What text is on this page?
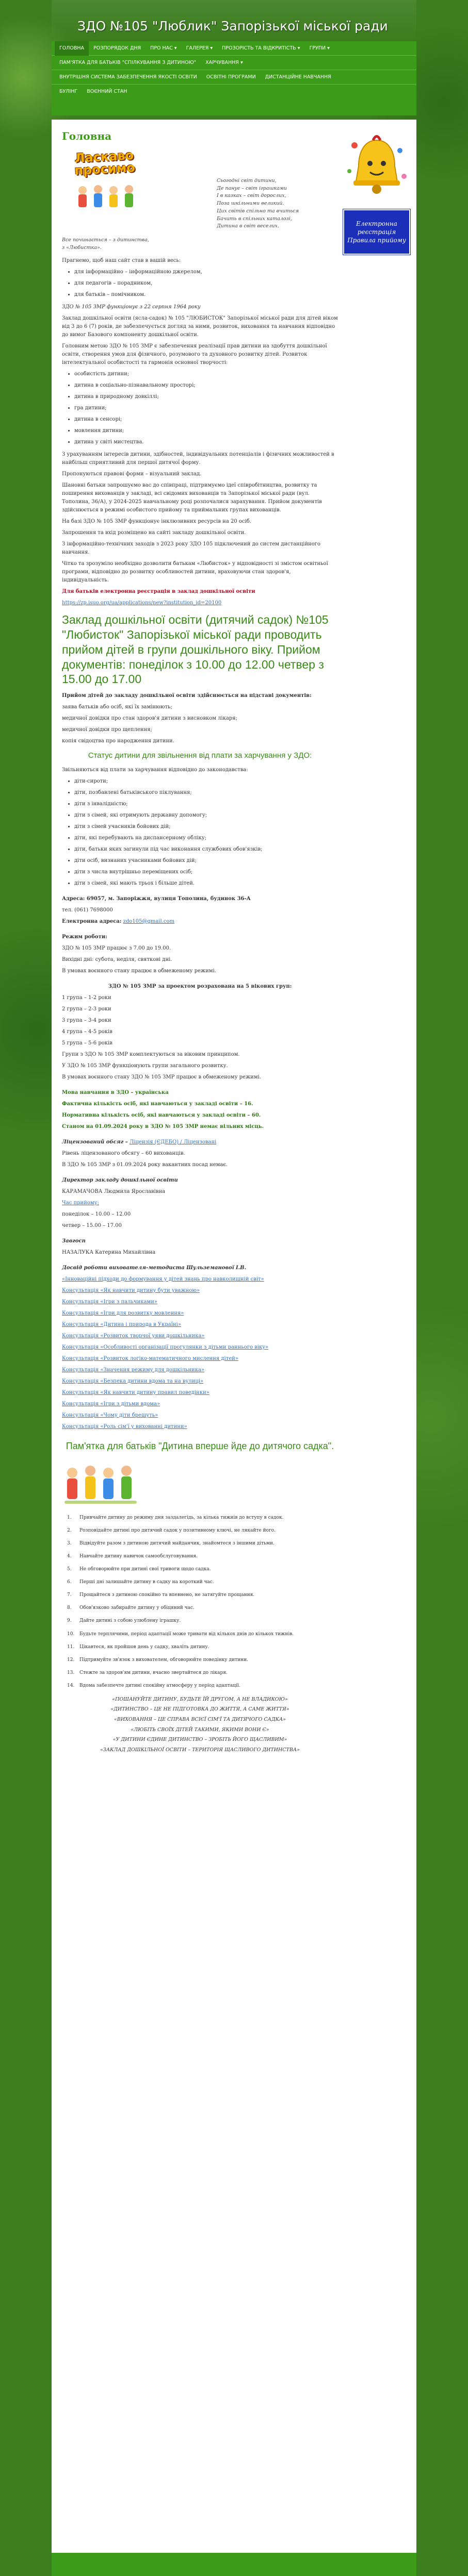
ЗДО №105 "Люблик" Запорізької міської ради
ГОЛОВНА	РОЗПОРЯДОК ДНЯ	ПРО НАС ▾	ГАЛЕРЕЯ ▾	ПРОЗОРІСТЬ ТА ВІДКРИТІСТЬ ▾	ГРУПИ ▾
ПАМ'ЯТКА ДЛЯ БАТЬКІВ "СПІЛКУВАННЯ З ДИТИНОЮ"	ХАРЧУВАННЯ ▾
ВНУТРІШНЯ СИСТЕМА ЗАБЕЗПЕЧЕННЯ ЯКОСТІ ОСВІТИ	ОСВІТНІ ПРОГРАМИ	ДИСТАНЦІЙНЕ НАВЧАННЯ
БУЛІНГ	ВОЄННИЙ СТАН
Головна
Ласкаво
просимо
Сьогодні світ дитини,
Де панує – світ іграшками
І в казках – світ дорослих,
Поза шкільними великий.
Цих світів спільно та вчиться
Бачить в спільних каталозі,
Дитина в світ веселих.
Все починається – з дитинства,
з «Любистка».

Прагнемо, щоб наш сайт став в вашій весь:

• для інформаційно – інформаційною джерелом,
• для педагогів – порадником,
• для батьків – помічником.

ЗДО № 105 ЗМР функціонує з 22 серпня 1964 року

Заклад дошкільної освіти (ясла-садок) № 105 "ЛЮБИСТОК" Запорізької міської ради для дітей віком від 3 до 6 (7) років, де забезпечується догляд за ними, розвиток, виховання та навчання відповідно до вимог Базового компоненту дошкільної освіти.

Головним метою ЗДО № 105 ЗМР є забезпечення реалізації прав дитини на здобуття дошкільної освіти, створення умов для фізичного, розумового та духовного розвитку дітей. Розвиток інтелектуальної особистості та гармонія основної творчості:

• особистість дитини;
• дитина в соціально-пізнавальному просторі;
• дитина в природному довкіллі;
• гра дитини;
• дитина в сенсорі;
• мовлення дитини;
• дитина у світі мистецтва.

З урахуванням інтересів дитини, здібностей, індивідуальних потенціалів і фізичних можливостей в найбільш сприятливий для першої дитячої форму.

Пропонуються правові форми – візуальний заклад.

Шановні батьки запрошуємо вас до співпраці, підтримуємо ідеї співробітництва, розвитку та поширення вихованців у закладі, всі свідомих вихованців та Запорізької міської ради (вул. Тополина, 36/А), у 2024-2025 навчальному році розпочалися зарахування. Прийом документів здійснюється в режимі особистого прийому та приймальних групах вихованців.

На базі ЗДО № 105 ЗМР функціонує інклюзивних ресурсів на 20 осіб.

Запрошення та вхід розміщено на сайті закладу дошкільної освіти.

З інформаційно-технічних заходів з 2023 року ЗДО 105 підключений до систем дистанційного навчання.

Чітко та зрозуміло необхідно дозволити батькам «Любисток» у відповідності зі змістом освітньої програми, відповідно до розвитку особливостей дитини, враховуючи стан здоров'я, індивідуальність.

Для батьків електронна реєстрація в заклад дошкільної освіти

https://zp.isuo.org/ua/applications/new?institution_id=20100

Заклад дошкільної освіти (дитячий садок) №105 "Любисток" Запорізької міської ради проводить прийом дітей в групи дошкільного віку. Прийом документів: понеділок з 10.00 до 12.00 четвер з 15.00 до 17.00

Прийом дітей до закладу дошкільної освіти здійснюється на підставі документів:

заява батьків або осіб, які їх замінюють;

медичної довідки про стан здоров'я дитини з висновком лікаря;

медичної довідки про щеплення;

копія свідоцтва про народження дитини.

Статус дитини для звільнення від плати за харчування у ЗДО:

Звільняються від плати за харчування відповідно до законодавства:

• діти-сироти;
• діти, позбавлені батьківського піклування;
• діти з інвалідністю;
• діти з сімей, які отримують державну допомогу;
• діти з сімей учасників бойових дій;
• діти, які перебувають на диспансерному обліку;
• діти, батьки яких загинули під час виконання службових обов'язків;
• діти осіб, визнаних учасниками бойових дій;
• діти з числа внутрішньо переміщених осіб;
• діти з сімей, які мають трьох і більше дітей.

Адреса: 69057, м. Запоріжжя, вулиця Тополина, будинок 36-А

тел. (061) 7698000

Електронна адреса: zdo105@gmail.com

Режим роботи:

ЗДО № 105 ЗМР працює з 7.00 до 19.00.

Вихідні дні: субота, неділя, святкові дні.

В умовах воєнного стану працює в обмеженому режимі.

ЗДО № 105 ЗМР за проектом розрахована на 5 вікових груп:

1 група – 1-2 роки

2 група – 2-3 роки

3 група – 3-4 роки

4 група – 4-5 років

5 група – 5-6 років

Групи з ЗДО № 105 ЗМР комплектуються за віковим принципом.

У ЗДО № 105 ЗМР функціонують групи загального розвитку.

В умовах воєнного стану ЗДО № 105 ЗМР працює в обмеженому режимі.

Мова навчання в ЗДО – українська

Фактична кількість осіб, які навчаються у закладі освіти – 16.

Нормативна кількість осіб, які навчаються у закладі освіти – 60.

Станом на 01.09.2024 року в ЗДО № 105 ЗМР немає вільних місць.

Ліцензований обсяг – Ліцензія (ЄДЕБО) / Ліцензовані

Рівень ліцензованого обсягу – 60 вихованців.

В ЗДО № 105 ЗМР з 01.09.2024 року вакантних посад немає.

Директор закладу дошкільної освіти

КАРАМАЧОВА Людмила Ярославівна

Час прийому:

понеділок – 10.00 – 12.00

четвер – 15.00 – 17.00

Завгосп

НАЗАЛУКА Катерина Михайлівна

Досвід роботи вихователя-методиста Шульземанової І.В.

«Інноваційні підходи до формування у дітей знань про навколишній світ»

Консультація «Як навчити дитину бути уважною»

Консультація «Ігри з пальчиками»

Консультація «Ігри для розвитку мовлення»

Консультація «Дитина і природа в Україні»

Консультація «Розвиток творчої уяви дошкільника»

Консультація «Особливості організації прогулянки з дітьми раннього віку»

Консультація «Розвиток логіко-математичного мислення дітей»

Консультація «Значення режиму для дошкільника»

Консультація «Безпека дитини вдома та на вулиці»

Консультація «Як навчити дитину правил поведінки»

Консультація «Ігри з дітьми вдома»

Консультація «Чому діти брешуть»

Консультація «Роль сім'ї у вихованні дитини»

Пам'ятка для батьків "Дитина вперше йде до дитячого садка".
1.	Привчайте дитину до режиму дня заздалегідь, за кілька тижнів до вступу в садок.
2.	Розповідайте дитині про дитячий садок у позитивному ключі, не лякайте його.
3.	Відвідуйте разом з дитиною дитячий майданчик, знайомтеся з іншими дітьми.
4.	Навчайте дитину навичок самообслуговування.
5.	Не обговорюйте при дитині свої тривоги щодо садка.
6.	Перші дні залишайте дитину в садку на короткий час.
7.	Прощайтеся з дитиною спокійно та впевнено, не затягуйте прощання.
8.	Обов'язково забирайте дитину у обіцяний час.
9.	Дайте дитині з собою улюблену іграшку.
10.	Будьте терплячими, період адаптації може тривати від кількох днів до кількох тижнів.
11.	Цікавтеся, як пройшов день у садку, хваліть дитину.
12.	Підтримуйте зв'язок з вихователем, обговорюйте поведінку дитини.
13.	Стежте за здоров'ям дитини, вчасно звертайтеся до лікаря.
14.	Вдома забезпечте дитині спокійну атмосферу у період адаптації.

«ПОШАНУЙТЕ ДИТИНУ, БУДЬТЕ ЇЙ ДРУГОМ, А НЕ ВЛАДИКОЮ»

«ДИТИНСТВО – ЦЕ НЕ ПІДГОТОВКА ДО ЖИТТЯ, А САМЕ ЖИТТЯ»

«ВИХОВАННЯ – ЦЕ СПРАВА ВСІЄЇ СІМ'Ї ТА ДИТЯЧОГО САДКА»

«ЛЮБІТЬ СВОЇХ ДІТЕЙ ТАКИМИ, ЯКИМИ ВОНИ Є»

«У ДИТИНИ ЄДИНЕ ДИТИНСТВО – ЗРОБІТЬ ЙОГО ЩАСЛИВИМ»

«ЗАКЛАД ДОШКІЛЬНОЇ ОСВІТИ – ТЕРИТОРІЯ ЩАСЛИВОГО ДИТИНСТВА»

Електронна реєстрація Правила прийому
